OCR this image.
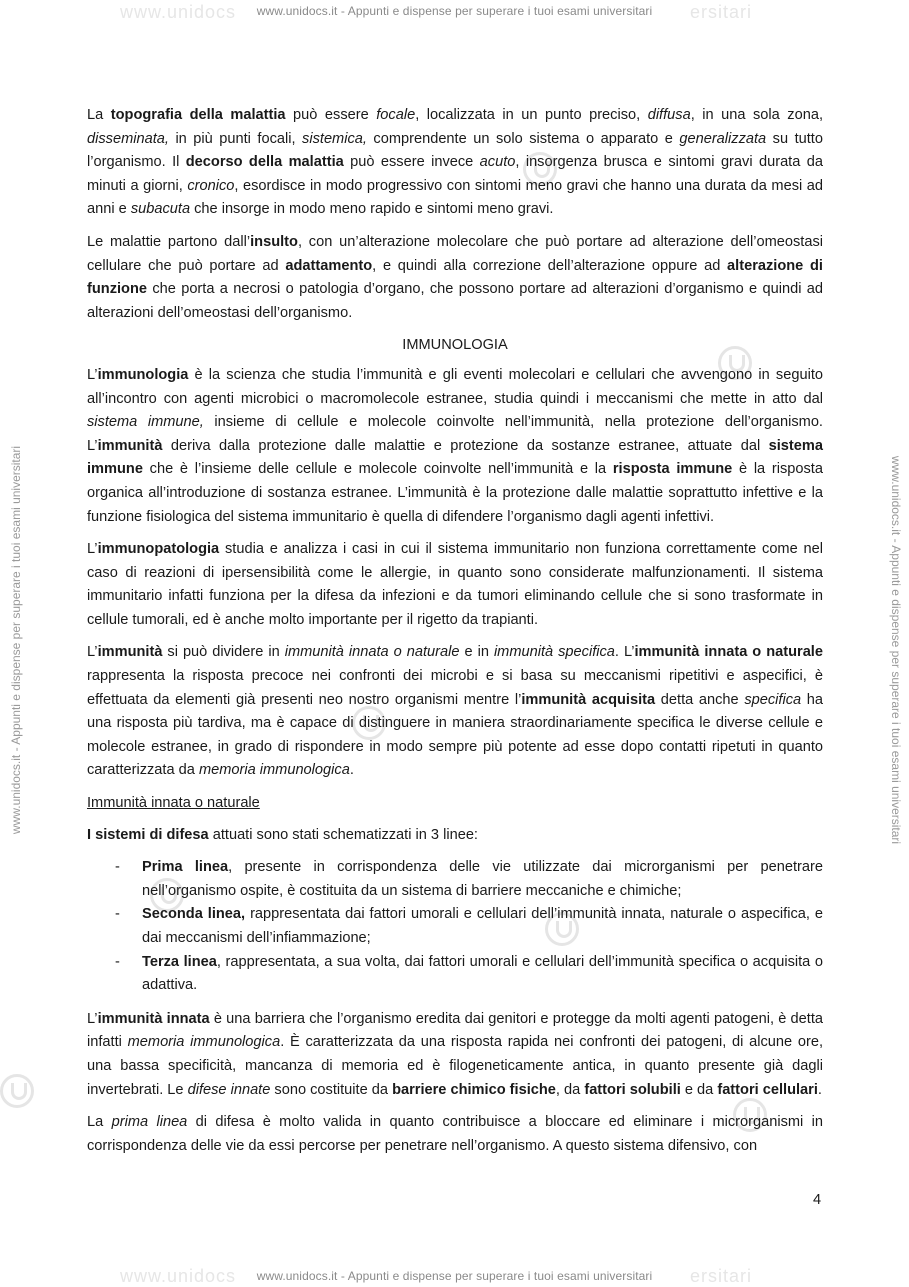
www.unidocs	ersitari
www.unidocs.it - Appunti e dispense per superare i tuoi esami universitari
www.unidocs.it - Appunti e dispense per superare i tuoi esami universitari	www.unidocs.it - Appunti e dispense per superare i tuoi esami universitari

La topografia della malattia può essere focale, localizzata in un punto preciso, diffusa, in una sola zona, disseminata, in più punti focali, sistemica, comprendente un solo sistema o apparato e generalizzata su tutto l’organismo. Il decorso della malattia può essere invece acuto, insorgenza brusca e sintomi gravi durata da minuti a giorni, cronico, esordisce in modo progressivo con sintomi meno gravi che hanno una durata da mesi ad anni e subacuta che insorge in modo meno rapido e sintomi meno gravi.

Le malattie partono dall’insulto, con un’alterazione molecolare che può portare ad alterazione dell’omeostasi cellulare che può portare ad adattamento, e quindi alla correzione dell’alterazione oppure ad alterazione di funzione che porta a necrosi o patologia d’organo, che possono portare ad alterazioni d’organismo e quindi ad alterazioni dell’omeostasi dell’organismo.

IMMUNOLOGIA

L’immunologia è la scienza che studia l’immunità e gli eventi molecolari e cellulari che avvengono in seguito all’incontro con agenti microbici o macromolecole estranee, studia quindi i meccanismi che mette in atto dal sistema immune, insieme di cellule e molecole coinvolte nell’immunità, nella protezione dell’organismo. L’immunità deriva dalla protezione dalle malattie e protezione da sostanze estranee, attuate dal sistema immune che è l’insieme delle cellule e molecole coinvolte nell’immunità e la risposta immune è la risposta organica all’introduzione di sostanza estranee. L’immunità è la protezione dalle malattie soprattutto infettive e la funzione fisiologica del sistema immunitario è quella di difendere l’organismo dagli agenti infettivi.

L’immunopatologia studia e analizza i casi in cui il sistema immunitario non funziona correttamente come nel caso di reazioni di ipersensibilità come le allergie, in quanto sono considerate malfunzionamenti. Il sistema immunitario infatti funziona per la difesa da infezioni e da tumori eliminando cellule che si sono trasformate in cellule tumorali, ed è anche molto importante per il rigetto da trapianti.

L’immunità si può dividere in immunità innata o naturale e in immunità specifica. L’immunità innata o naturale rappresenta la risposta precoce nei confronti dei microbi e si basa su meccanismi ripetitivi e aspecifici, è effettuata da elementi già presenti neo nostro organismi mentre l’immunità acquisita detta anche specifica ha una risposta più tardiva, ma è capace di distinguere in maniera straordinariamente specifica le diverse cellule e molecole estranee, in grado di rispondere in modo sempre più potente ad esse dopo contatti ripetuti in quanto caratterizzata da memoria immunologica.

Immunità innata o naturale

I sistemi di difesa attuati sono stati schematizzati in 3 linee:

- Prima linea, presente in corrispondenza delle vie utilizzate dai microrganismi per penetrare nell’organismo ospite, è costituita da un sistema di barriere meccaniche e chimiche;
- Seconda linea, rappresentata dai fattori umorali e cellulari dell’immunità innata, naturale o aspecifica, e dai meccanismi dell’infiammazione;
- Terza linea, rappresentata, a sua volta, dai fattori umorali e cellulari dell’immunità specifica o acquisita o adattiva.

L’immunità innata è una barriera che l’organismo eredita dai genitori e protegge da molti agenti patogeni, è detta infatti memoria immunologica. È caratterizzata da una risposta rapida nei confronti dei patogeni, di alcune ore, una bassa specificità, mancanza di memoria ed è filogeneticamente antica, in quanto presente già dagli invertebrati. Le difese innate sono costituite da barriere chimico fisiche, da fattori solubili e da fattori cellulari.

La prima linea di difesa è molto valida in quanto contribuisce a bloccare ed eliminare i microrganismi in corrispondenza delle vie da essi percorse per penetrare nell’organismo. A questo sistema difensivo, con

4
www.unidocs	ersitari
www.unidocs.it - Appunti e dispense per superare i tuoi esami universitari
